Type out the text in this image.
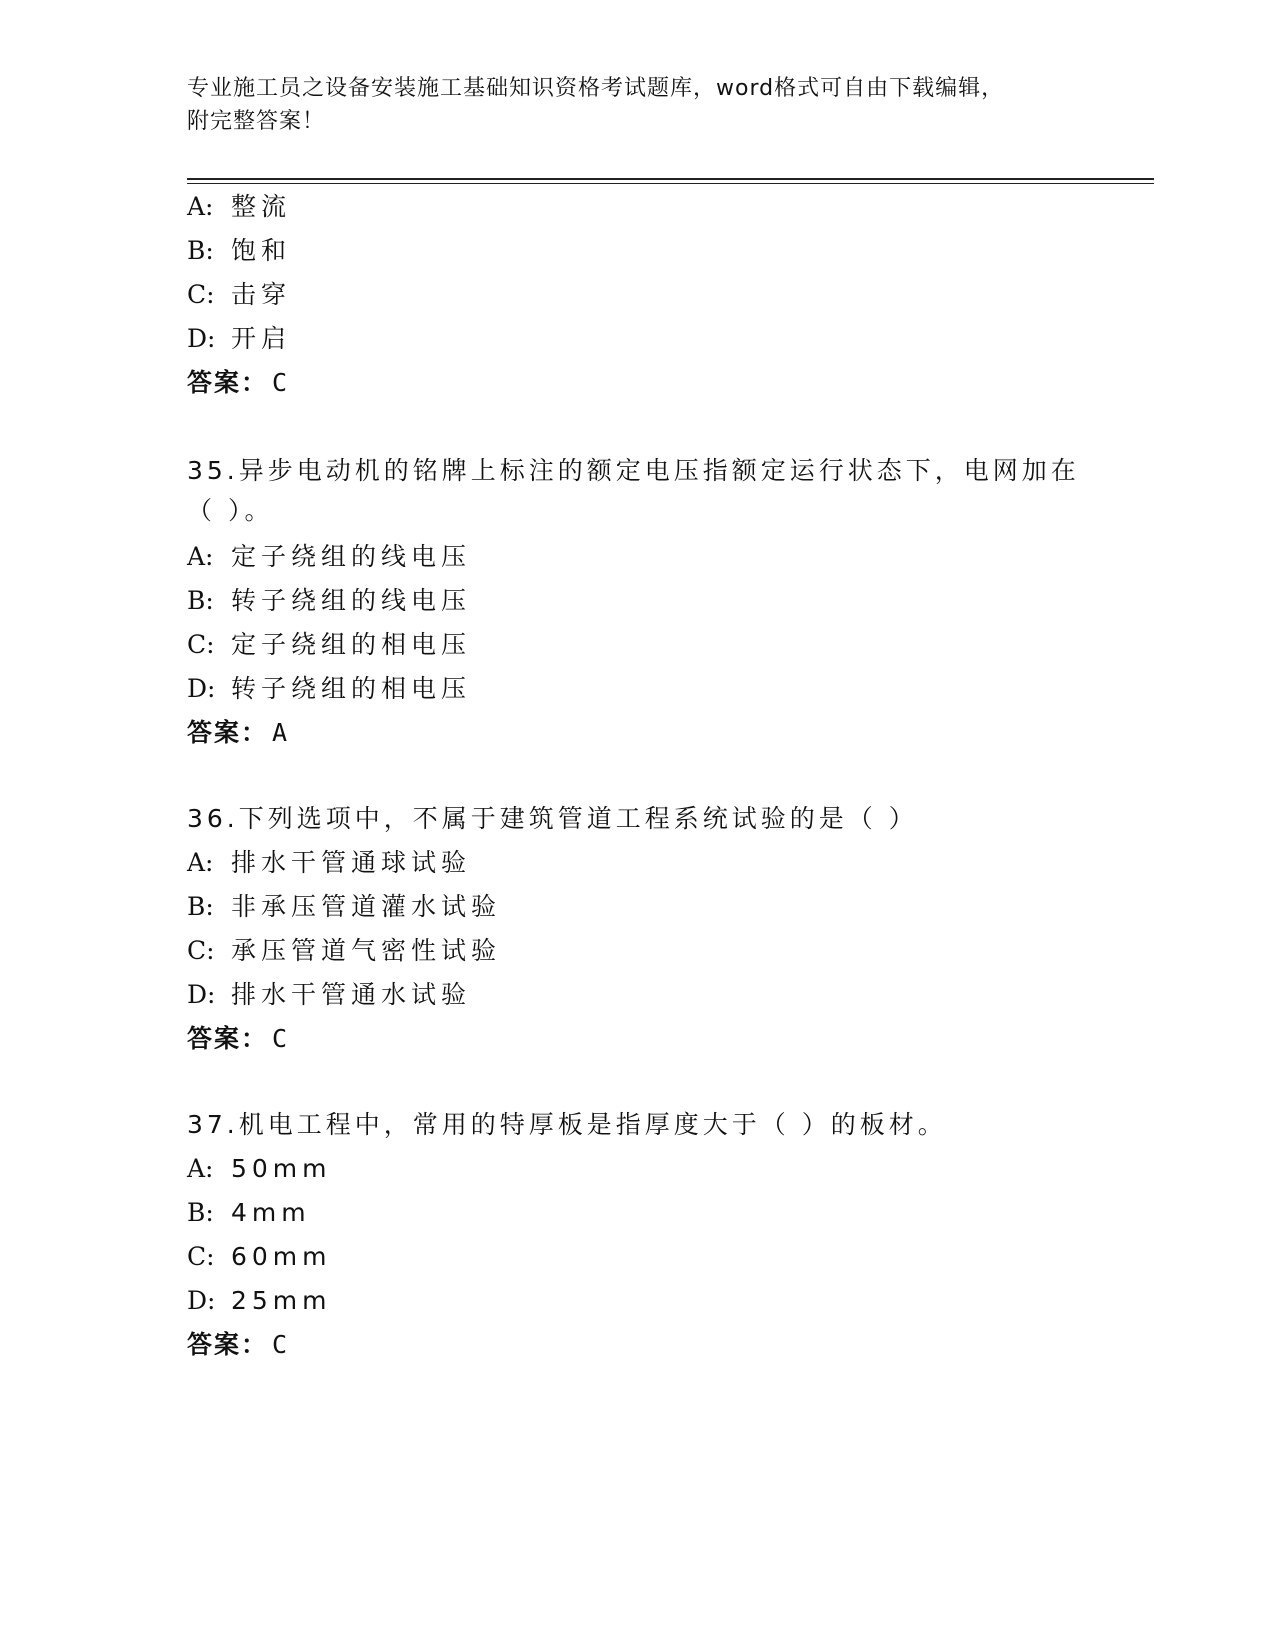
专业施工员之设备安装施工基础知识资格考试题库，word格式可自由下载编辑，
附完整答案！
A: 整流
B: 饱和
C: 击穿
D: 开启
答案： C
35.异步电动机的铭牌上标注的额定电压指额定运行状态下，电网加在
（ ）。
A: 定子绕组的线电压
B: 转子绕组的线电压
C: 定子绕组的相电压
D: 转子绕组的相电压
答案： A
36.下列选项中，不属于建筑管道工程系统试验的是（ ）
A: 排水干管通球试验
B: 非承压管道灌水试验
C: 承压管道气密性试验
D: 排水干管通水试验
答案： C
37.机电工程中，常用的特厚板是指厚度大于（ ）的板材。
A: 50mm
B: 4mm
C: 60mm
D: 25mm
答案： C
